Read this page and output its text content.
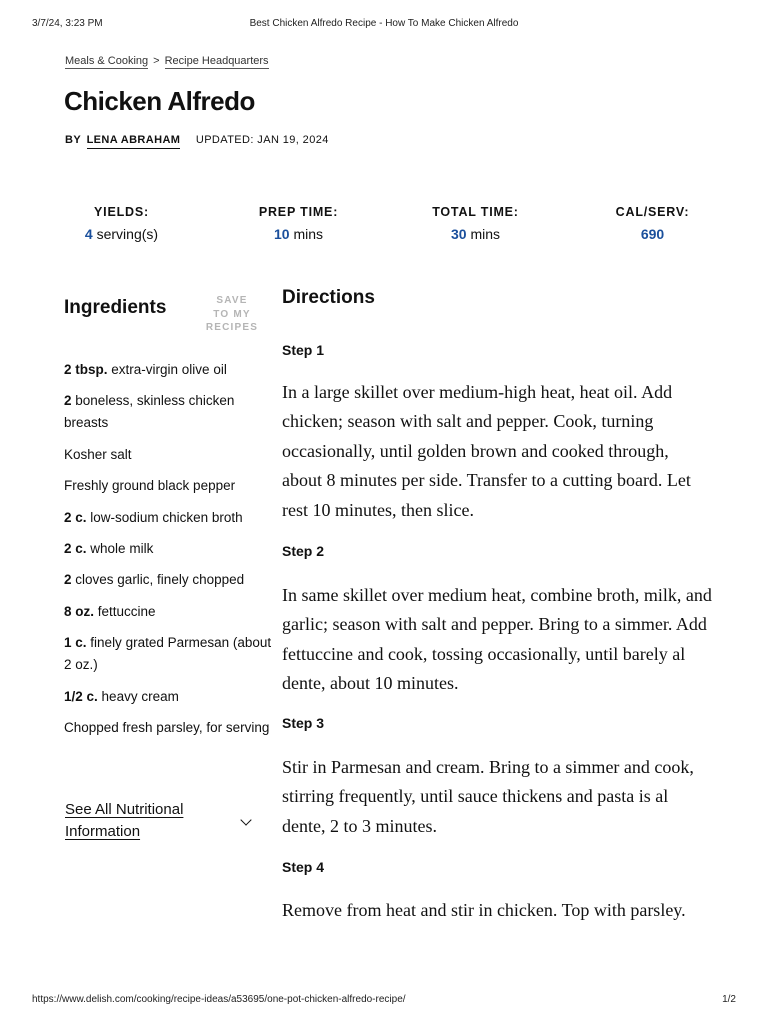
3/7/24, 3:23 PM	Best Chicken Alfredo Recipe - How To Make Chicken Alfredo
Meals & Cooking > Recipe Headquarters
Chicken Alfredo
BY LENA ABRAHAM UPDATED: JAN 19, 2024
YIELDS:
4 serving(s)
PREP TIME:
10 mins
TOTAL TIME:
30 mins
CAL/SERV:
690
Ingredients	SAVE
TO MY
RECIPES
2 tbsp. extra-virgin olive oil
2 boneless, skinless chicken breasts
Kosher salt
Freshly ground black pepper
2 c. low-sodium chicken broth
2 c. whole milk
2 cloves garlic, finely chopped
8 oz. fettuccine
1 c. finely grated Parmesan (about 2 oz.)
1/2 c. heavy cream
Chopped fresh parsley, for serving
See All Nutritional
Information
Directions
Step 1

In a large skillet over medium-high heat, heat oil. Add chicken; season with salt and pepper. Cook, turning occasionally, until golden brown and cooked through, about 8 minutes per side. Transfer to a cutting board. Let rest 10 minutes, then slice.

Step 2

In same skillet over medium heat, combine broth, milk, and garlic; season with salt and pepper. Bring to a simmer. Add fettuccine and cook, tossing occasionally, until barely al dente, about 10 minutes.

Step 3

Stir in Parmesan and cream. Bring to a simmer and cook, stirring frequently, until sauce thickens and pasta is al dente, 2 to 3 minutes.

Step 4

Remove from heat and stir in chicken. Top with parsley.

https://www.delish.com/cooking/recipe-ideas/a53695/one-pot-chicken-alfredo-recipe/	1/2
